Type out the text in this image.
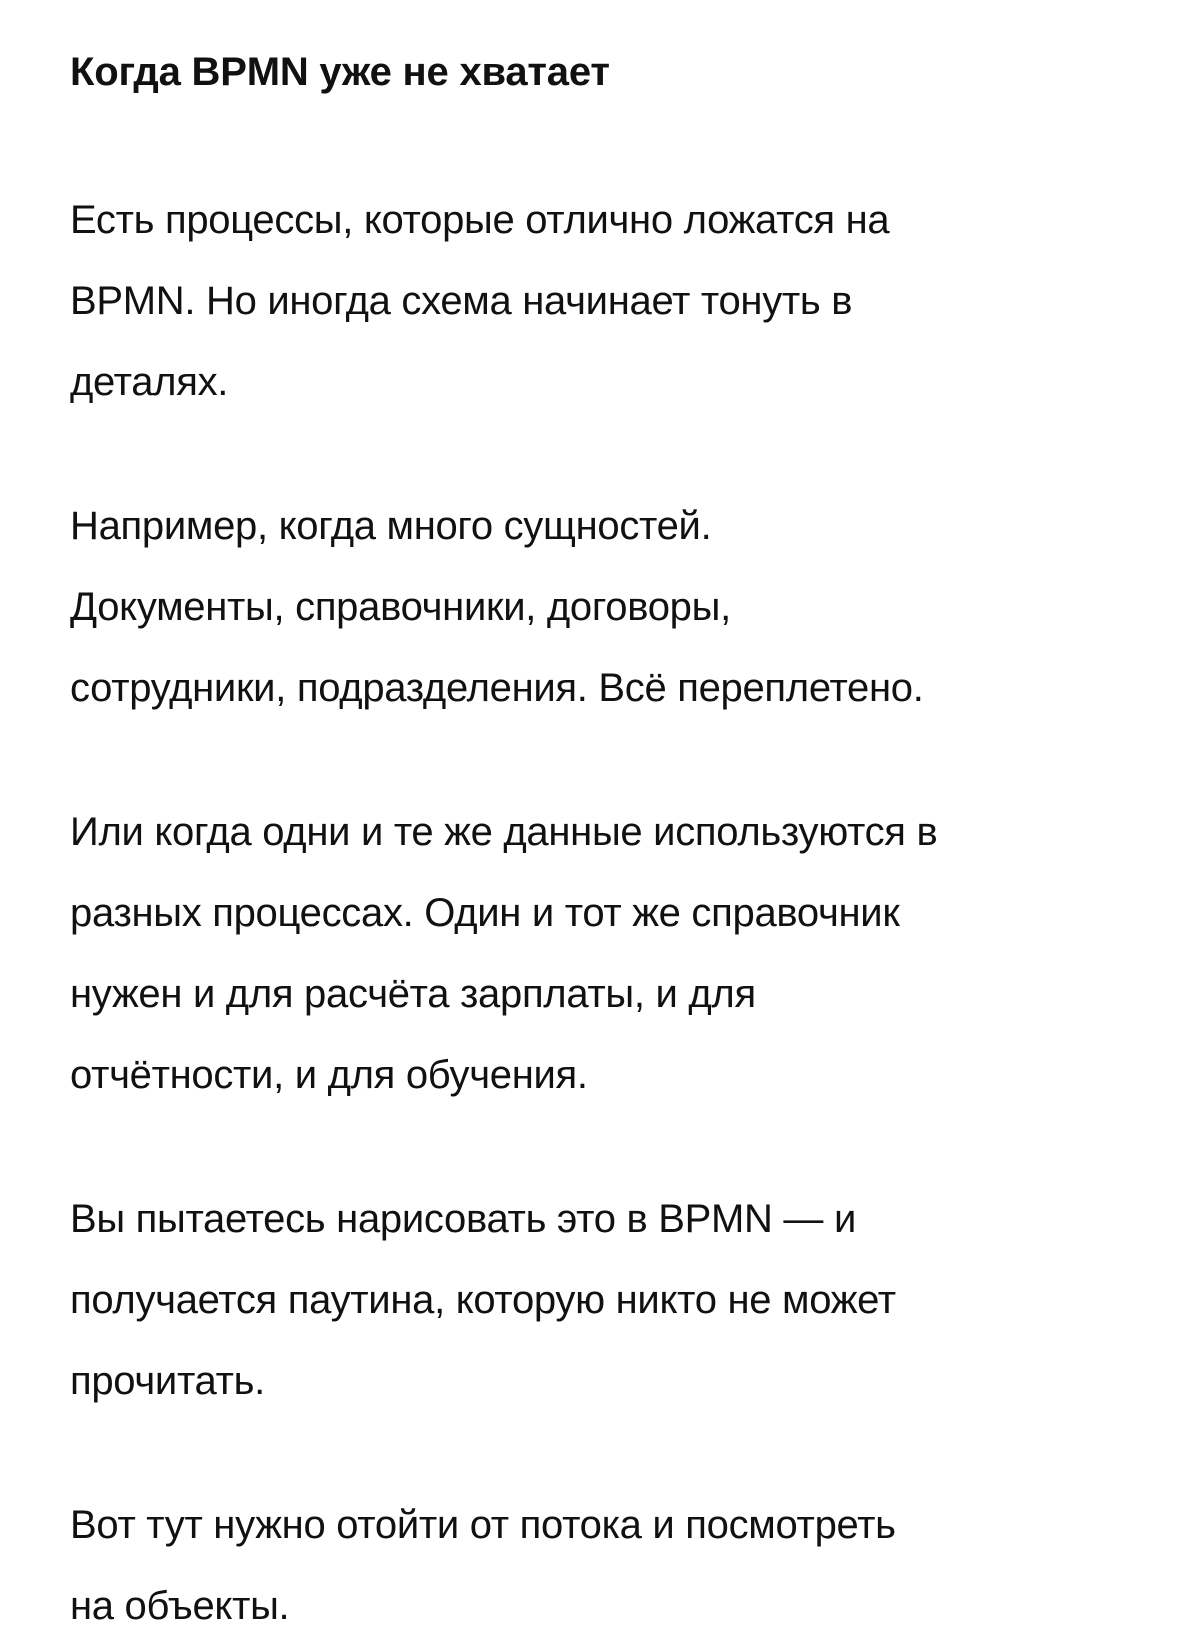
Когда BPMN уже не хватает

Есть процессы, которые отлично ложатся на
BPMN. Но иногда схема начинает тонуть в
деталях.

Например, когда много сущностей.
Документы, справочники, договоры,
сотрудники, подразделения. Всё переплетено.

Или когда одни и те же данные используются в
разных процессах. Один и тот же справочник
нужен и для расчёта зарплаты, и для
отчётности, и для обучения.

Вы пытаетесь нарисовать это в BPMN — и
получается паутина, которую никто не может
прочитать.

Вот тут нужно отойти от потока и посмотреть
на объекты.
